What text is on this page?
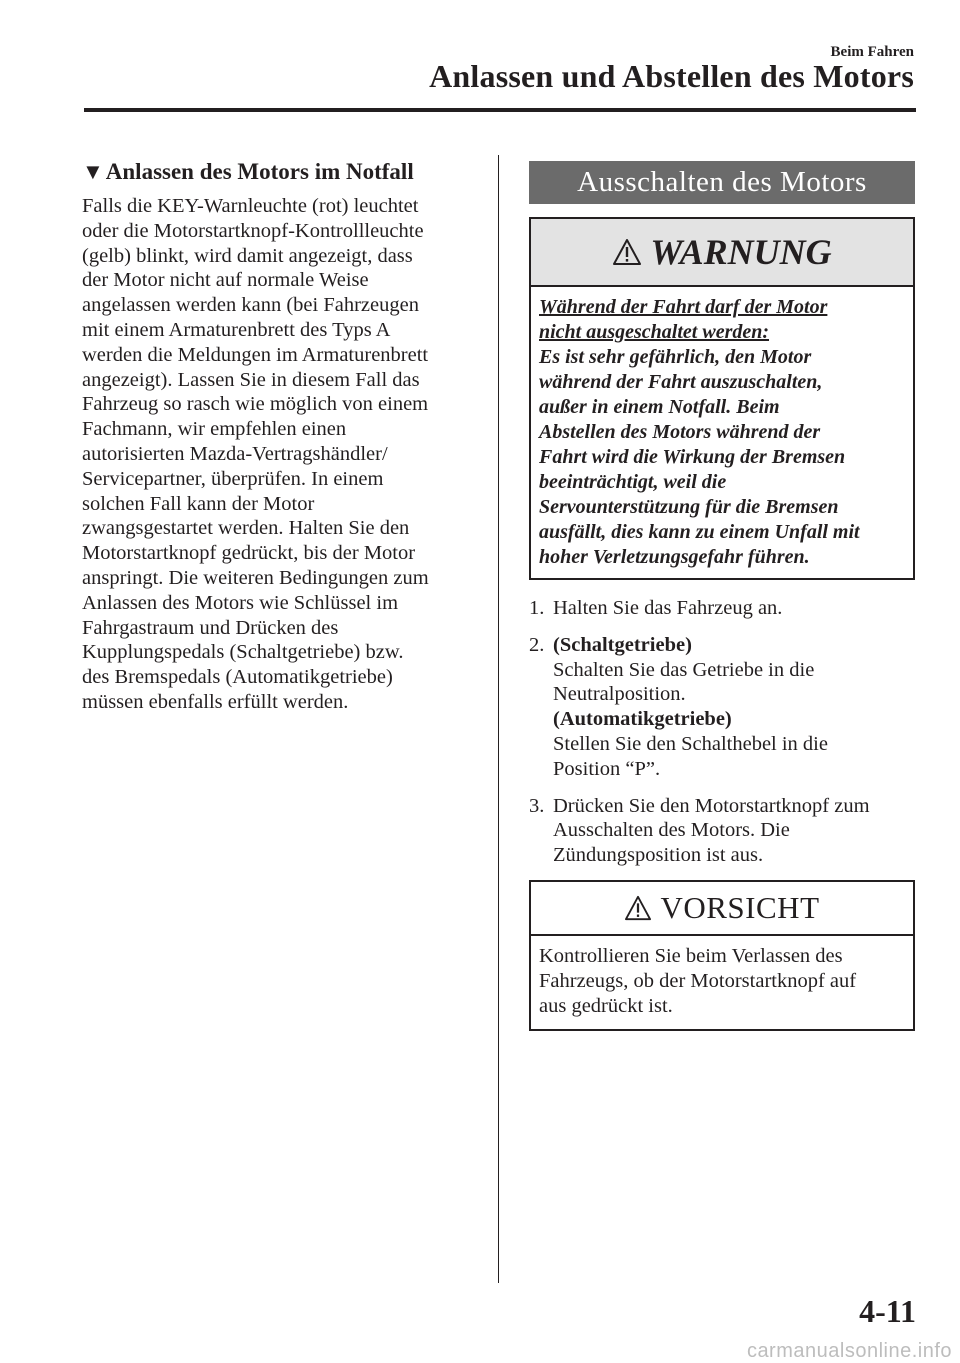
Beim Fahren
Anlassen und Abstellen des Motors
▼Anlassen des Motors im Notfall

Falls die KEY-Warnleuchte (rot) leuchtet
oder die Motorstartknopf-Kontrollleuchte
(gelb) blinkt, wird damit angezeigt, dass
der Motor nicht auf normale Weise
angelassen werden kann (bei Fahrzeugen
mit einem Armaturenbrett des Typs A
werden die Meldungen im Armaturenbrett
angezeigt). Lassen Sie in diesem Fall das
Fahrzeug so rasch wie möglich von einem
Fachmann, wir empfehlen einen
autorisierten Mazda-Vertragshändler/
Servicepartner, überprüfen. In einem
solchen Fall kann der Motor
zwangsgestartet werden. Halten Sie den
Motorstartknopf gedrückt, bis der Motor
anspringt. Die weiteren Bedingungen zum
Anlassen des Motors wie Schlüssel im
Fahrgastraum und Drücken des
Kupplungspedals (Schaltgetriebe) bzw.
des Bremspedals (Automatikgetriebe)
müssen ebenfalls erfüllt werden.

Ausschalten des Motors
WARNUNG
Während der Fahrt darf der Motor
nicht ausgeschaltet werden:
Es ist sehr gefährlich, den Motor
während der Fahrt auszuschalten,
außer in einem Notfall. Beim
Abstellen des Motors während der
Fahrt wird die Wirkung der Bremsen
beeinträchtigt, weil die
Servounterstützung für die Bremsen
ausfällt, dies kann zu einem Unfall mit
hoher Verletzungsgefahr führen.
1. Halten Sie das Fahrzeug an.
2. (Schaltgetriebe)
Schalten Sie das Getriebe in die
Neutralposition.
(Automatikgetriebe)
Stellen Sie den Schalthebel in die
Position “P”.
3. Drücken Sie den Motorstartknopf zum
Ausschalten des Motors. Die
Zündungsposition ist aus.
VORSICHT
Kontrollieren Sie beim Verlassen des
Fahrzeugs, ob der Motorstartknopf auf
aus gedrückt ist.
4-11
carmanualsonline.info
